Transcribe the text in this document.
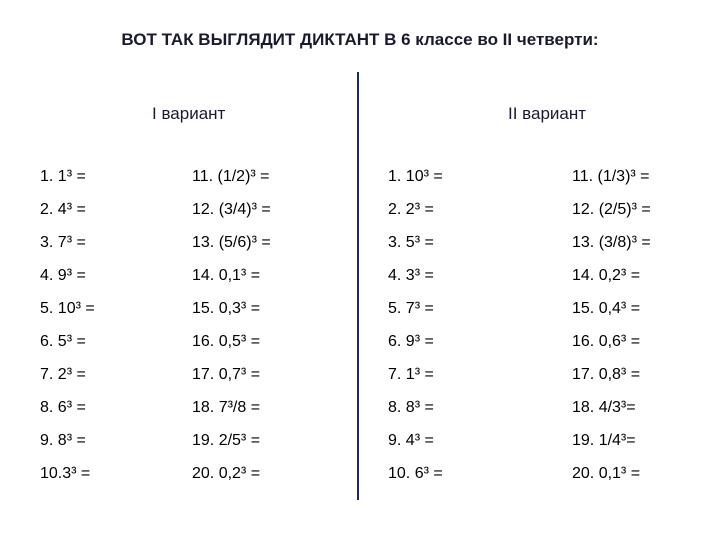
ВОТ ТАК ВЫГЛЯДИТ ДИКТАНТ В 6 классе во II четверти:
I вариант	II вариант
1. 1³ =
2. 4³ =
3. 7³ =
4. 9³ =
5. 10³ =
6. 5³ =
7. 2³ =
8. 6³ =
9. 8³ =
10.3³ =
11. (1/2)³ =
12. (3/4)³ =
13. (5/6)³ =
14. 0,1³ =
15. 0,3³ =
16. 0,5³ =
17. 0,7³ =
18. 7³/8 =
19. 2/5³ =
20. 0,2³ =
1. 10³ =
2. 2³ =
3. 5³ =
4. 3³ =
5. 7³ =
6. 9³ =
7. 1³ =
8. 8³ =
9. 4³ =
10. 6³ =
11. (1/3)³ =
12. (2/5)³ =
13. (3/8)³ =
14. 0,2³ =
15. 0,4³ =
16. 0,6³ =
17. 0,8³ =
18. 4/3³=
19. 1/4³=
20. 0,1³ =
